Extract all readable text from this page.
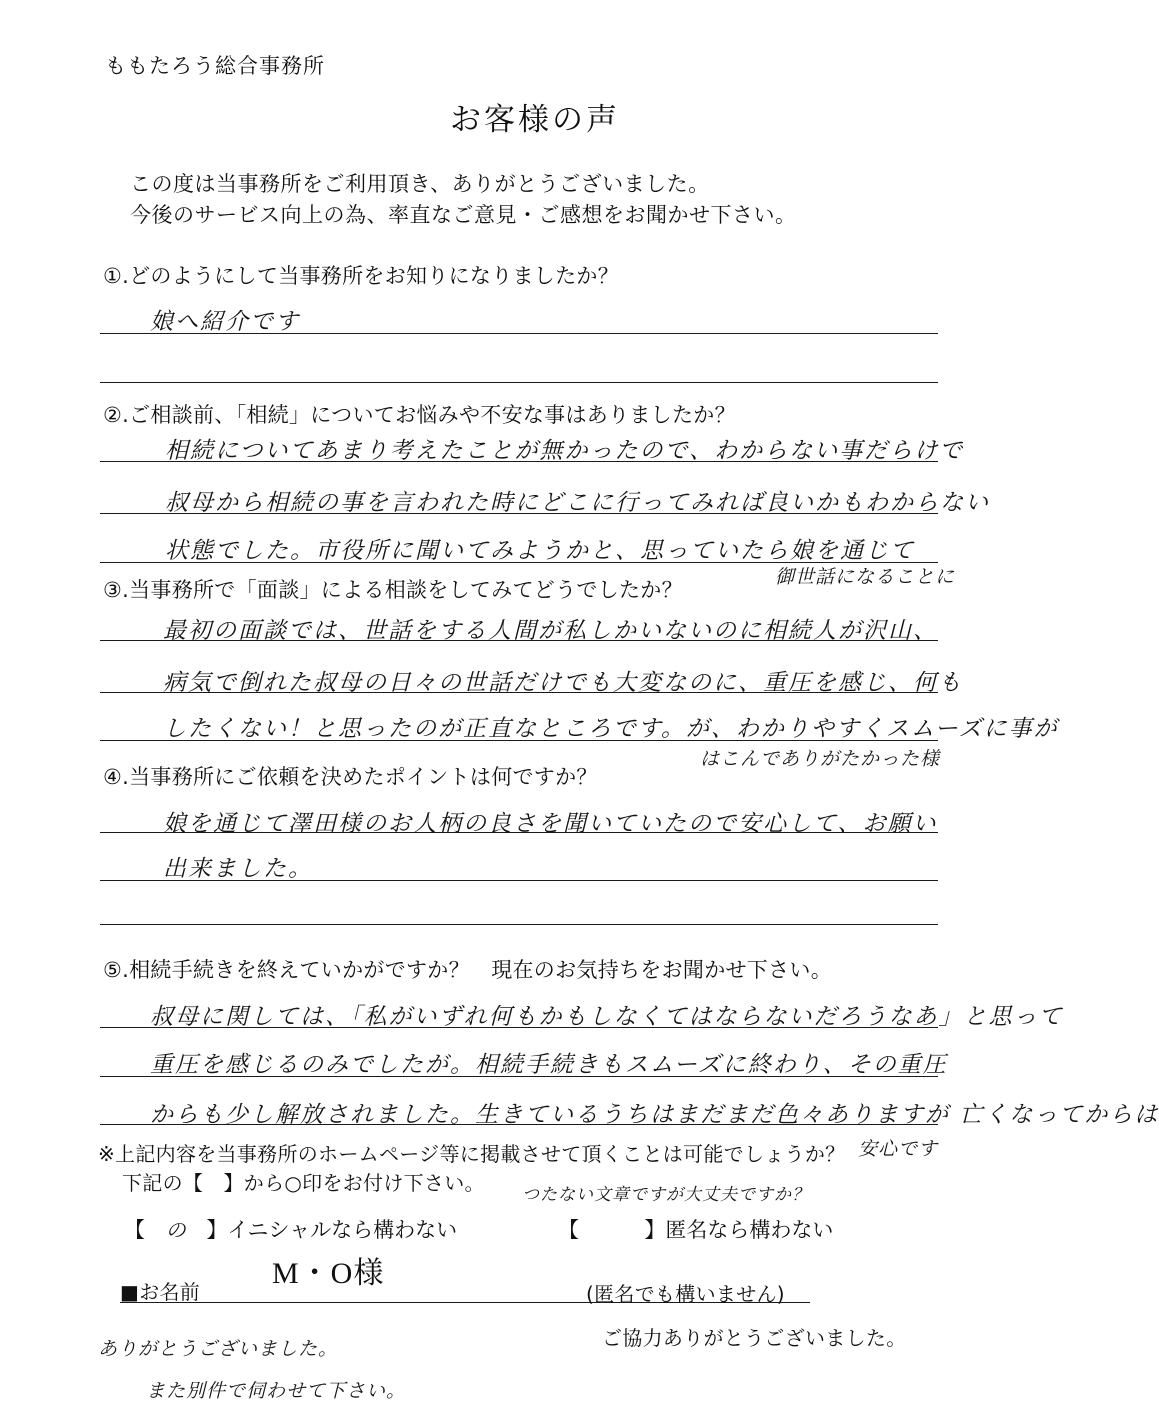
ももたろう総合事務所
お客様の声
この度は当事務所をご利用頂き、ありがとうございました。
今後のサービス向上の為、率直なご意見・ご感想をお聞かせ下さい。
①.どのようにして当事務所をお知りになりましたか？
娘へ紹介です
②.ご相談前、「相続」についてお悩みや不安な事はありましたか？
相続についてあまり考えたことが無かったので、わからない事だらけで
叔母から相続の事を言われた時にどこに行ってみれば良いかもわからない
状態でした。市役所に聞いてみようかと、思っていたら娘を通じて
御世話になることに
③.当事務所で「面談」による相談をしてみてどうでしたか？
最初の面談では、世話をする人間が私しかいないのに相続人が沢山、
病気で倒れた叔母の日々の世話だけでも大変なのに、重圧を感じ、何も
したくない！と思ったのが正直なところです。が、わかりやすくスムーズに事が
はこんでありがたかった様
④.当事務所にご依頼を決めたポイントは何ですか？
娘を通じて澤田様のお人柄の良さを聞いていたので安心して、お願い
出来ました。
⑤.相続手続きを終えていかがですか？　現在のお気持ちをお聞かせ下さい。
叔母に関しては、「私がいずれ何もかもしなくてはならないだろうなあ」と思って
重圧を感じるのみでしたが。相続手続きもスムーズに終わり、その重圧
からも少し解放されました。生きているうちはまだまだ色々ありますが 亡くなってからは
※上記内容を当事務所のホームページ等に掲載させて頂くことは可能でしょうか？ 安心です
下記の【　】から○印をお付け下さい。 つたない文章ですが大丈夫ですか？
【 の 】イニシャルなら構わない	【	】匿名なら構わない
■お名前
M・O様
(匿名でも構いません)
ご協力ありがとうございました。
ありがとうございました。
また別件で伺わせて下さい。
